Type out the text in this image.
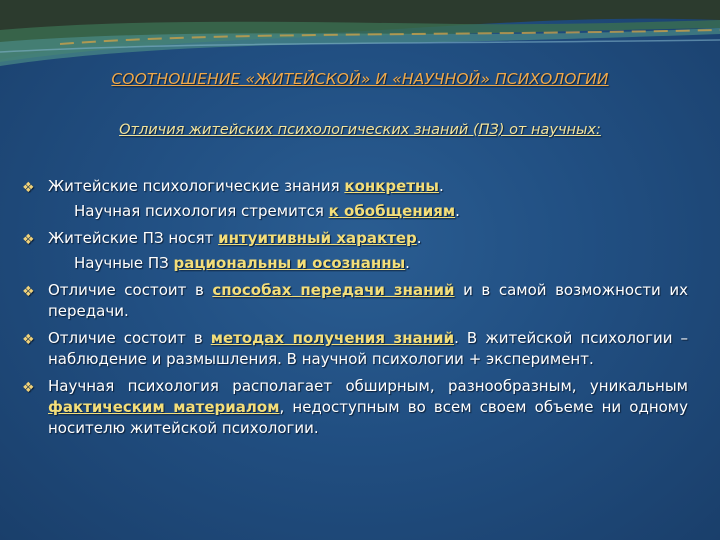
СООТНОШЕНИЕ «ЖИТЕЙСКОЙ» И «НАУЧНОЙ» ПСИХОЛОГИИ
Отличия житейских психологических знаний (ПЗ) от научных:
❖ Житейские психологические знания конкретны.
Научная психология стремится к обобщениям.
❖ Житейские ПЗ носят интуитивный характер.
Научные ПЗ рациональны и осознанны.
❖ Отличие состоит в способах передачи знаний и в самой возможности их передачи.
❖ Отличие состоит в методах получения знаний. В житейской психологии – наблюдение и размышления. В научной психологии + эксперимент.
❖ Научная психология располагает обширным, разнообразным, уникальным фактическим материалом, недоступным во всем своем объеме ни одному носителю житейской психологии.
